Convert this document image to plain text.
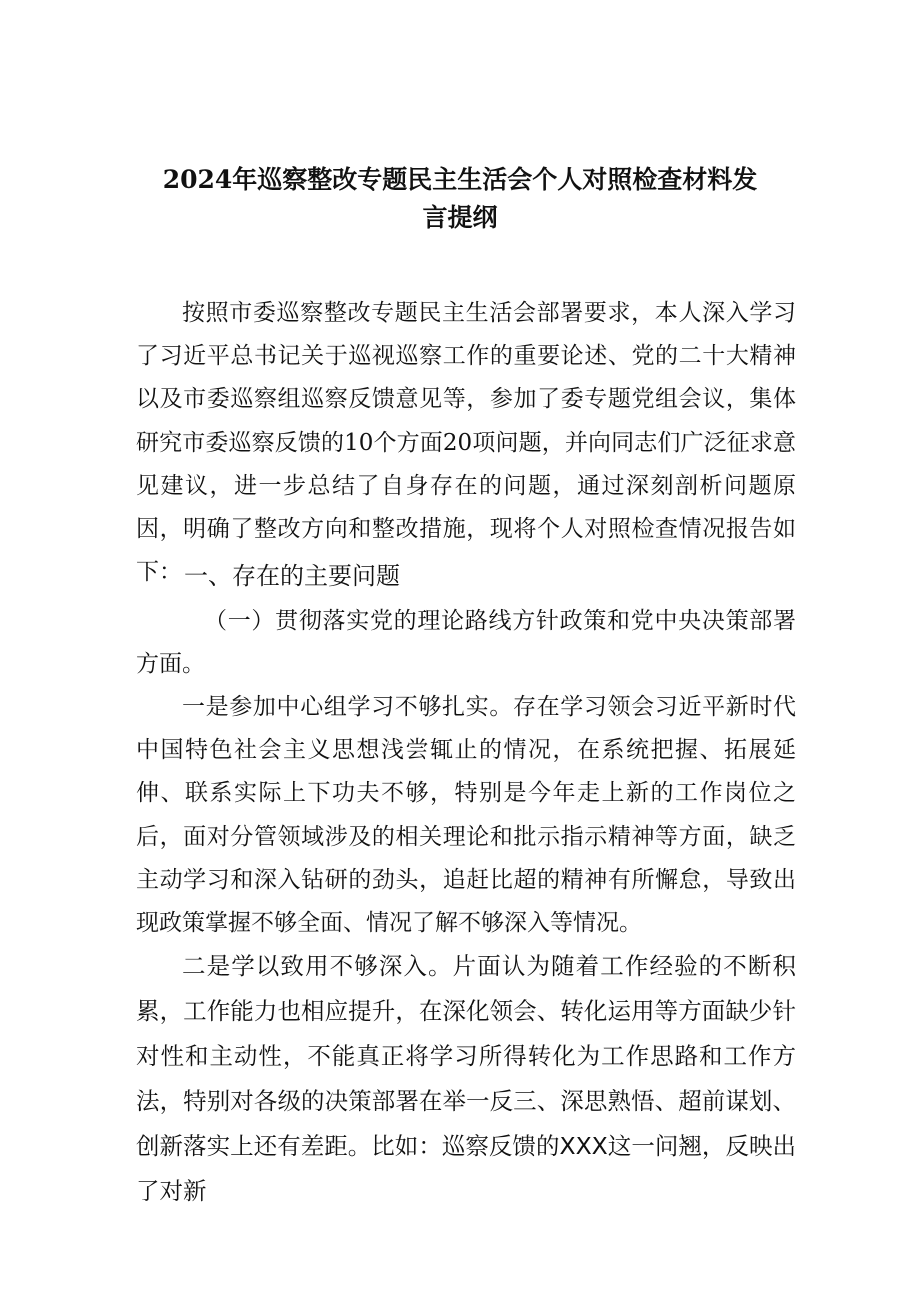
2024年巡察整改专题民主生活会个人对照检查材料发
言提纲

按照市委巡察整改专题民主生活会部署要求，本人深入学习了习近平总书记关于巡视巡察工作的重要论述、党的二十大精神以及市委巡察组巡察反馈意见等，参加了委专题党组会议，集体研究市委巡察反馈的10个方面20项问题，并向同志们广泛征求意见建议，进一步总结了自身存在的问题，通过深刻剖析问题原因，明确了整改方向和整改措施，现将个人对照检查情况报告如下： 一、存在的主要问题

（一）贯彻落实党的理论路线方针政策和党中央决策部署方面。

一是参加中心组学习不够扎实。存在学习领会习近平新时代中国特色社会主义思想浅尝辄止的情况，在系统把握、拓展延伸、联系实际上下功夫不够，特别是今年走上新的工作岗位之后，面对分管领域涉及的相关理论和批示指示精神等方面，缺乏主动学习和深入钻研的劲头，追赶比超的精神有所懈怠，导致出现政策掌握不够全面、情况了解不够深入等情况。

二是学以致用不够深入。片面认为随着工作经验的不断积累，工作能力也相应提升，在深化领会、转化运用等方面缺少针对性和主动性，不能真正将学习所得转化为工作思路和工作方法，特别对各级的决策部署在举一反三、深思熟悟、超前谋划、创新落实上还有差距。比如：巡察反馈的XXX这一问翘，反映出了对新
